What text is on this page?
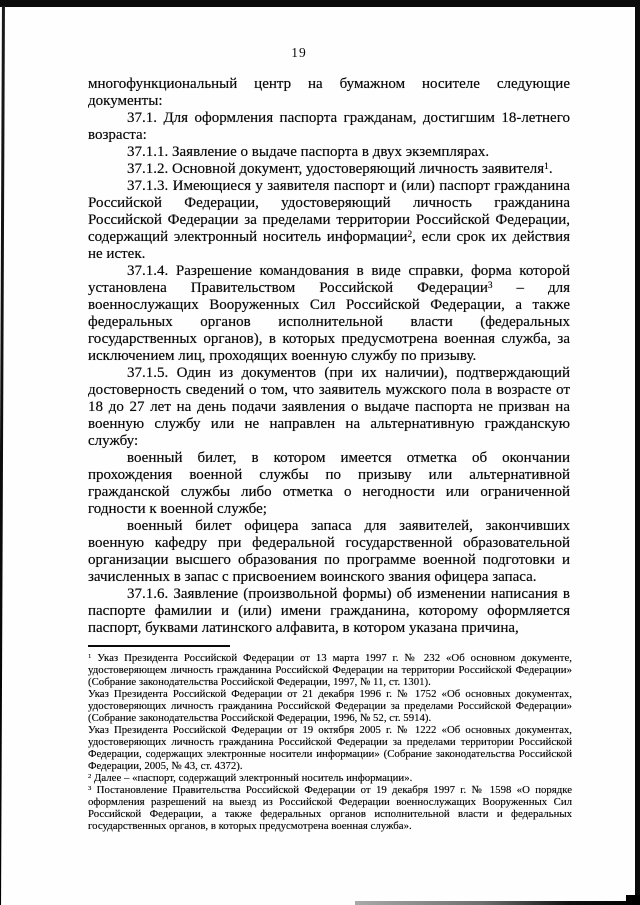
19

многофункциональный центр на бумажном носителе следующие документы:

37.1. Для оформления паспорта гражданам, достигшим 18-летнего возраста:

37.1.1. Заявление о выдаче паспорта в двух экземплярах.

37.1.2. Основной документ, удостоверяющий личность заявителя$^1$.

37.1.3. Имеющиеся у заявителя паспорт и (или) паспорт гражданина Российской Федерации, удостоверяющий личность гражданина Российской Федерации за пределами территории Российской Федерации, содержащий электронный носитель информации$^2$, если срок их действия не истек.

37.1.4. Разрешение командования в виде справки, форма которой установлена Правительством Российской Федерации$^3$ – для военнослужащих Вооруженных Сил Российской Федерации, а также федеральных органов исполнительной власти (федеральных государственных органов), в которых предусмотрена военная служба, за исключением лиц, проходящих военную службу по призыву.

37.1.5. Один из документов (при их наличии), подтверждающий достоверность сведений о том, что заявитель мужского пола в возрасте от 18 до 27 лет на день подачи заявления о выдаче паспорта не призван на военную службу или не направлен на альтернативную гражданскую службу:

военный билет, в котором имеется отметка об окончании прохождения военной службы по призыву или альтернативной гражданской службы либо отметка о негодности или ограниченной годности к военной службе;

военный билет офицера запаса для заявителей, закончивших военную кафедру при федеральной государственной образовательной организации высшего образования по программе военной подготовки и зачисленных в запас с присвоением воинского звания офицера запаса.

37.1.6. Заявление (произвольной формы) об изменении написания в паспорте фамилии и (или) имени гражданина, которому оформляется паспорт, буквами латинского алфавита, в котором указана причина,

$^1$ Указ Президента Российской Федерации от 13 марта 1997 г. № 232 «Об основном документе, удостоверяющем личность гражданина Российской Федерации на территории Российской Федерации» (Собрание законодательства Российской Федерации, 1997, № 11, ст. 1301).

Указ Президента Российской Федерации от 21 декабря 1996 г. № 1752 «Об основных документах, удостоверяющих личность гражданина Российской Федерации за пределами Российской Федерации» (Собрание законодательства Российской Федерации, 1996, № 52, ст. 5914).

Указ Президента Российской Федерации от 19 октября 2005 г. № 1222 «Об основных документах, удостоверяющих личность гражданина Российской Федерации за пределами территории Российской Федерации, содержащих электронные носители информации» (Собрание законодательства Российской Федерации, 2005, № 43, ст. 4372).

$^2$ Далее – «паспорт, содержащий электронный носитель информации».

$^3$ Постановление Правительства Российской Федерации от 19 декабря 1997 г. № 1598 «О порядке оформления разрешений на выезд из Российской Федерации военнослужащих Вооруженных Сил Российской Федерации, а также федеральных органов исполнительной власти и федеральных государственных органов, в которых предусмотрена военная служба».
